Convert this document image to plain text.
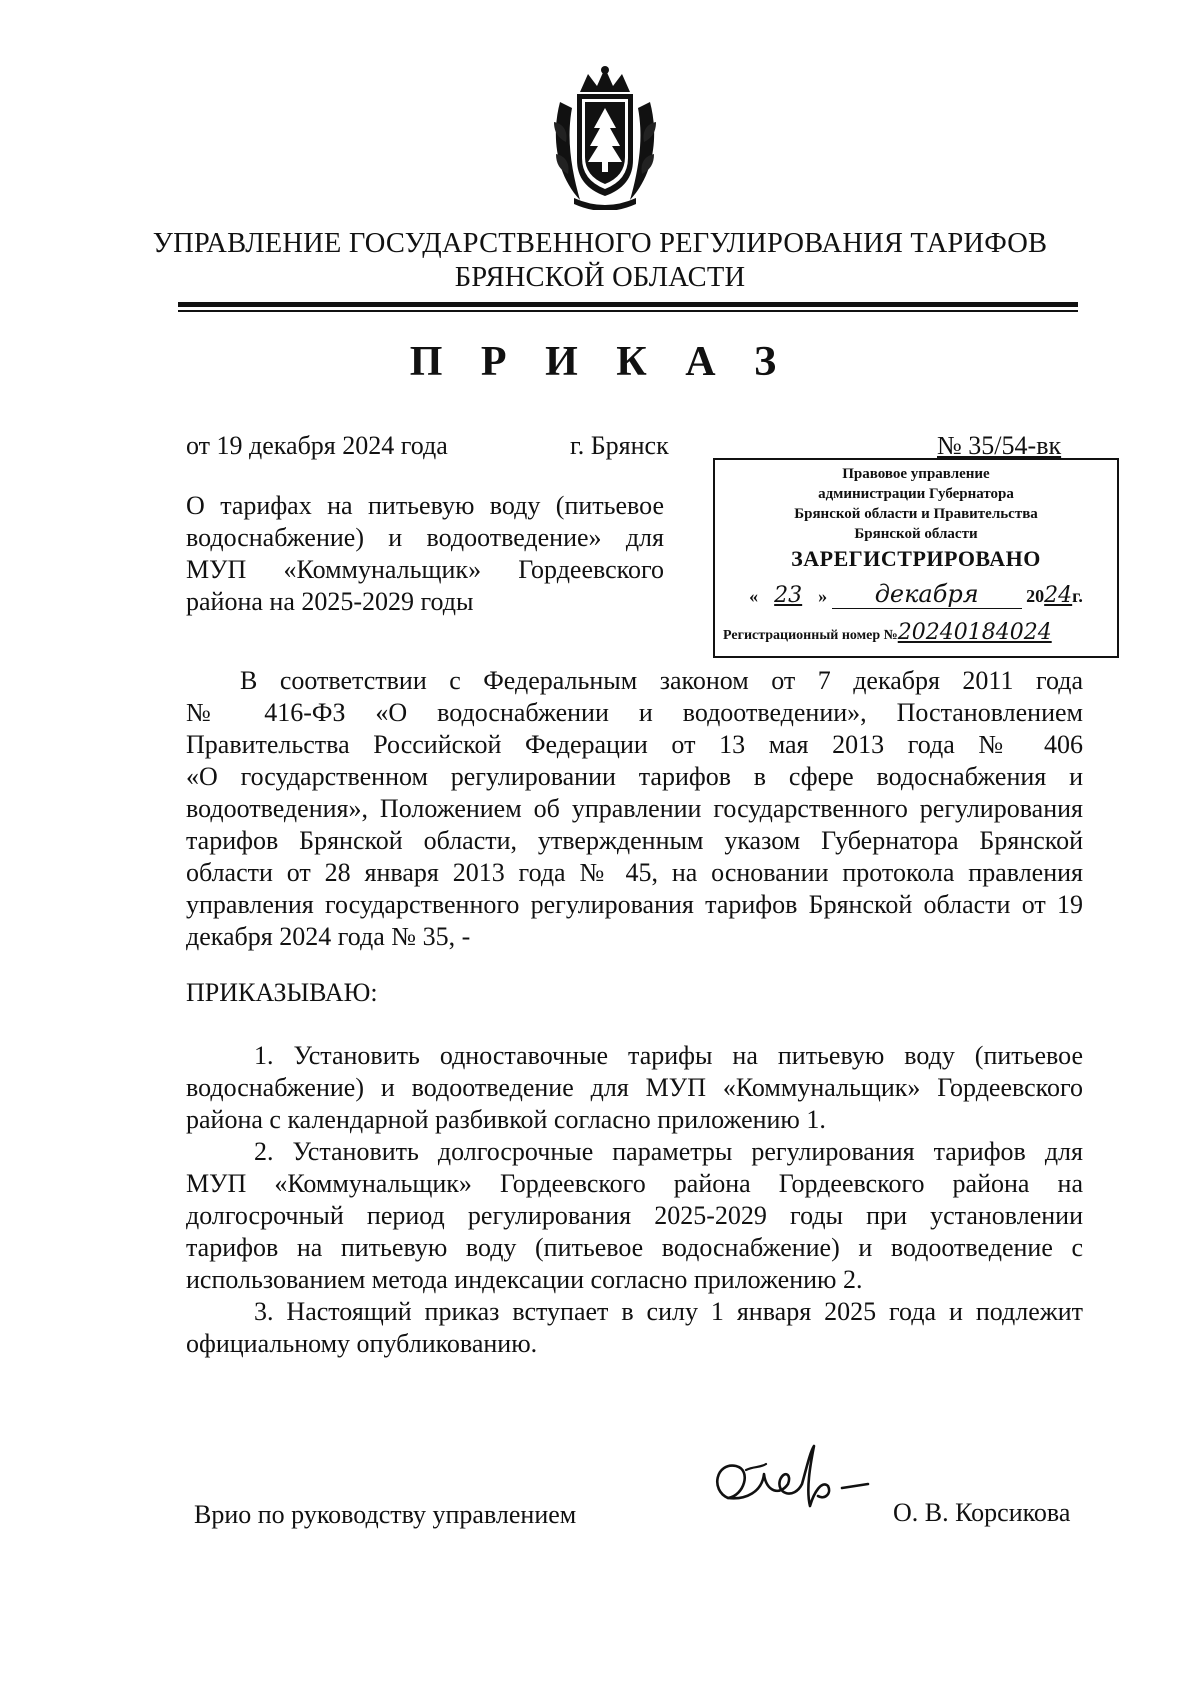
УПРАВЛЕНИЕ ГОСУДАРСТВЕННОГО РЕГУЛИРОВАНИЯ ТАРИФОВ
БРЯНСКОЙ ОБЛАСТИ
П Р И К А З
от 19 декабря 2024 года	г. Брянск	№ 35/54-вк
О тарифах на питьевую воду (питьевое
водоснабжение) и водоотведение» для
МУП «Коммунальщик» Гордеевского
района на 2025-2029 годы
Правовое управление
администрации Губернатора
Брянской области и Правительства
Брянской области
ЗАРЕГИСТРИРОВАНО
« 23 » декабря	2024г.
Регистрационный номер №20240184024
В соответствии с Федеральным законом от 7 декабря 2011 года
№ 416-ФЗ «О водоснабжении и водоотведении», Постановлением
Правительства Российской Федерации от 13 мая 2013 года № 406
«О государственном регулировании тарифов в сфере водоснабжения и
водоотведения», Положением об управлении государственного регулирования
тарифов Брянской области, утвержденным указом Губернатора Брянской
области от 28 января 2013 года № 45, на основании протокола правления
управления государственного регулирования тарифов Брянской области от 19
декабря 2024 года № 35, -
ПРИКАЗЫВАЮ:
1. Установить одноставочные тарифы на питьевую воду (питьевое
водоснабжение) и водоотведение для МУП «Коммунальщик» Гордеевского
района с календарной разбивкой согласно приложению 1.
2. Установить долгосрочные параметры регулирования тарифов для
МУП «Коммунальщик» Гордеевского района Гордеевского района на
долгосрочный период регулирования 2025-2029 годы при установлении
тарифов на питьевую воду (питьевое водоснабжение) и водоотведение с
использованием метода индексации согласно приложению 2.
3. Настоящий приказ вступает в силу 1 января 2025 года и подлежит
официальному опубликованию.
Врио по руководству управлением	О. В. Корсикова
